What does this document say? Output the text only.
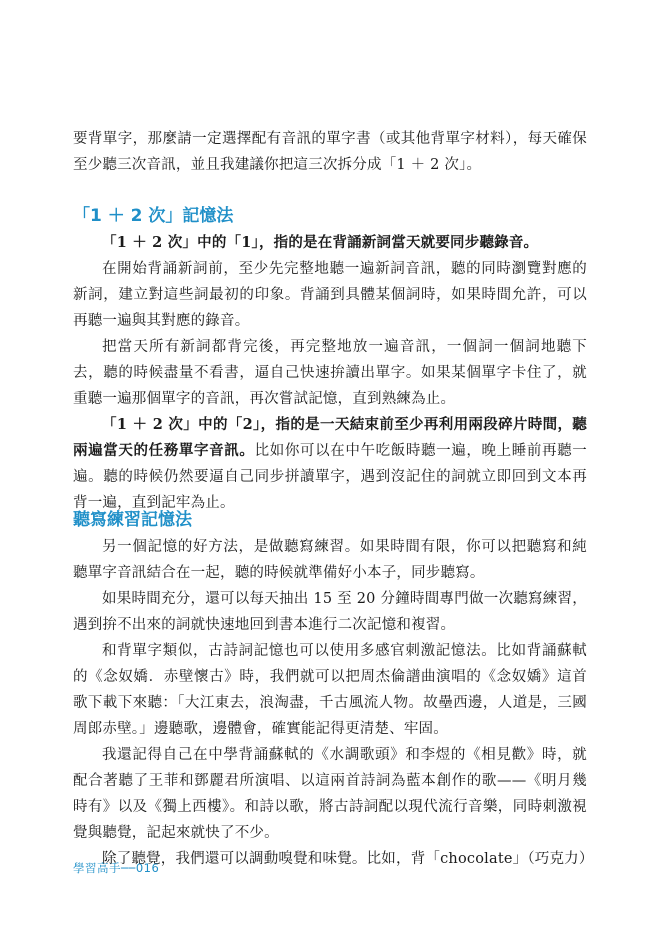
要背單字，那麼請一定選擇配有音訊的單字書（或其他背單字材料），每天確保至少聽三次音訊，並且我建議你把這三次拆分成「1 ＋ 2 次」。

「1 ＋ 2 次」記憶法

「1 ＋ 2 次」中的「1」，指的是在背誦新詞當天就要同步聽錄音。

在開始背誦新詞前，至少先完整地聽一遍新詞音訊，聽的同時瀏覽對應的新詞，建立對這些詞最初的印象。背誦到具體某個詞時，如果時間允許，可以再聽一遍與其對應的錄音。

把當天所有新詞都背完後，再完整地放一遍音訊，一個詞一個詞地聽下去，聽的時候盡量不看書，逼自己快速拚讀出單字。如果某個單字卡住了，就重聽一遍那個單字的音訊，再次嘗試記憶，直到熟練為止。

「1 ＋ 2 次」中的「2」，指的是一天結束前至少再利用兩段碎片時間，聽兩遍當天的任務單字音訊。比如你可以在中午吃飯時聽一遍，晚上睡前再聽一遍。聽的時候仍然要逼自己同步拼讀單字，遇到沒記住的詞就立即回到文本再背一遍，直到記牢為止。

聽寫練習記憶法

另一個記憶的好方法，是做聽寫練習。如果時間有限，你可以把聽寫和純聽單字音訊結合在一起，聽的時候就準備好小本子，同步聽寫。

如果時間充分，還可以每天抽出 15 至 20 分鐘時間專門做一次聽寫練習，遇到拚不出來的詞就快速地回到書本進行二次記憶和複習。

和背單字類似，古詩詞記憶也可以使用多感官刺激記憶法。比如背誦蘇軾的《念奴嬌．赤壁懷古》時，我們就可以把周杰倫譜曲演唱的《念奴嬌》這首歌下載下來聽：「大江東去，浪淘盡，千古風流人物。故壘西邊，人道是，三國周郎赤壁。」邊聽歌，邊體會，確實能記得更清楚、牢固。

我還記得自己在中學背誦蘇軾的《水調歌頭》和李煜的《相見歡》時，就配合著聽了王菲和鄧麗君所演唱、以這兩首詩詞為藍本創作的歌——《明月幾時有》以及《獨上西樓》。和詩以歌，將古詩詞配以現代流行音樂，同時刺激視覺與聽覺，記起來就快了不少。

除了聽覺，我們還可以調動嗅覺和味覺。比如，背「chocolate」（巧克力）

學習高手──016
